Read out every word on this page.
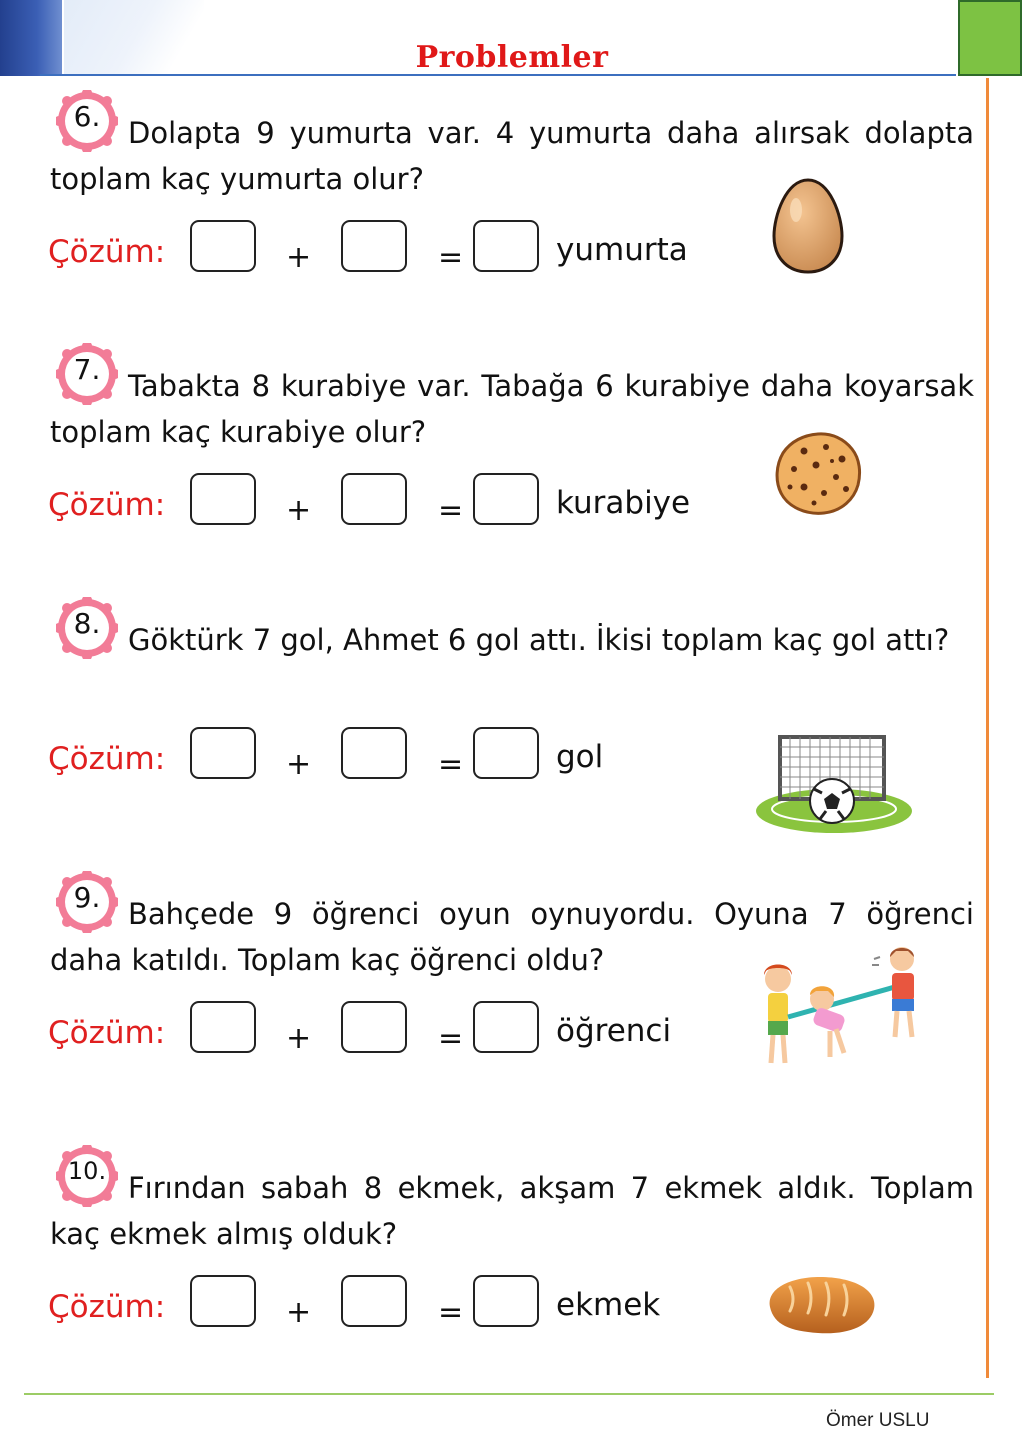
Problemler
6. Dolapta 9 yumurta var. 4 yumurta daha alırsak dolapta toplam kaç yumurta olur?
Çözüm:	+	=	yumurta
7. Tabakta 8 kurabiye var. Tabağa 6 kurabiye daha koyarsak toplam kaç kurabiye olur?
Çözüm:	+	=	kurabiye
8. Göktürk 7 gol, Ahmet 6 gol attı. İkisi toplam kaç gol attı?
Çözüm:	+	=	gol
9. Bahçede 9 öğrenci oyun oynuyordu. Oyuna 7 öğrenci daha katıldı. Toplam kaç öğrenci oldu?
Çözüm:	+	=	öğrenci
10. Fırından sabah 8 ekmek, akşam 7 ekmek aldık. Toplam kaç ekmek almış olduk?
Çözüm:	+	=	ekmek
Ömer USLU
